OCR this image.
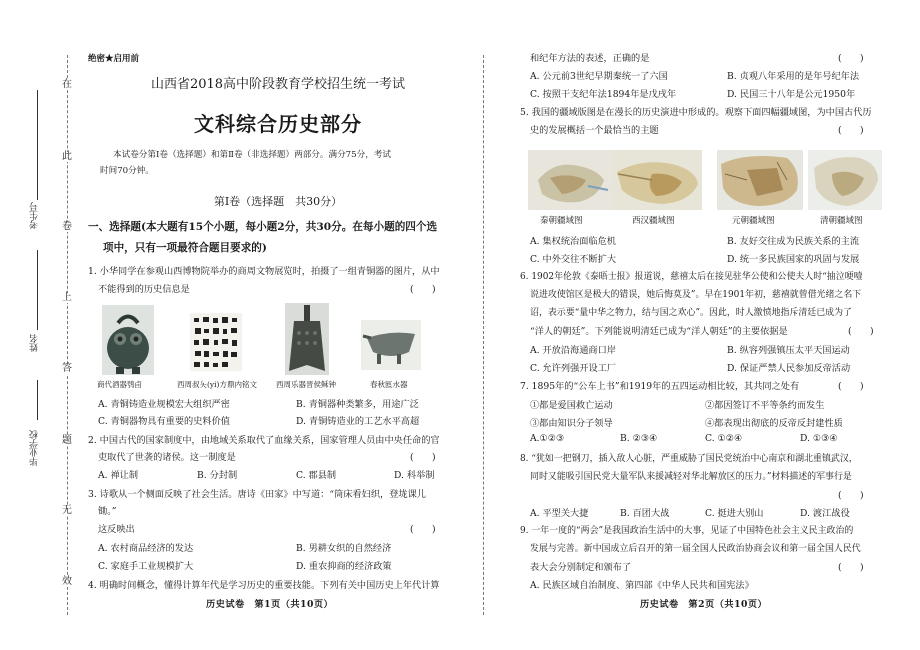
在
此
卷
上
答
题
无
效
考生号
姓名
毕业学校
绝密★启用前
山西省2018高中阶段教育学校招生统一考试
文科综合历史部分
本试卷分第Ⅰ卷（选择题）和第Ⅱ卷（非选择题）两部分。满分75分，考试
时间70分钟。
第Ⅰ卷（选择题　共30分）
一、选择题(本大题有15个小题，每小题2分，共30分。在每小题的四个选
项中，只有一项最符合题目要求的)
1. 小华同学在参观山西博物院举办的商周文物展览时，拍摄了一组青铜器的图片，从中
不能得到的历史信息是	(　　)
商代酒器鸮卣	西周叔夨(yi)方鼎内铭文	西周乐器晋侯稣钟	春秋匜水器
A. 青铜铸造业规模宏大组织严密	B. 青铜器种类繁多，用途广泛
C. 青铜器物具有重要的史料价值	D. 青铜铸造业的工艺水平高超
2. 中国古代的国家制度中，由地域关系取代了血缘关系，国家管理人员由中央任命的官
吏取代了世袭的诸侯。这一制度是	(　　)
A. 禅让制	B. 分封制	C. 郡县制	D. 科举制
3. 诗歌从一个侧面反映了社会生活。唐诗《田家》中写道：“筒床看妇织，登垅课儿
锄。”
这反映出	(　　)
A. 农村商品经济的发达	B. 男耕女织的自然经济
C. 家庭手工业规模扩大	D. 重农抑商的经济政策
4. 明确时间概念，懂得计算年代是学习历史的重要技能。下列有关中国历史上年代计算
历史试卷　第1页（共10页）
和纪年方法的表述，正确的是	(　　)
A. 公元前3世纪早期秦统一了六国	B. 贞观八年采用的是年号纪年法
C. 按照干支纪年法1894年是戊戌年	D. 民国三十八年是公元1950年
5. 我国的疆域版图是在漫长的历史演进中形成的。观察下面四幅疆域图，为中国古代历
史的发展概括一个最恰当的主题	(　　)
秦朝疆域图	西汉疆域图	元朝疆域图	清朝疆域图
A. 集权统治面临危机	B. 友好交往成为民族关系的主流
C. 中外交往不断扩大	D. 统一多民族国家的巩固与发展
6. 1902年伦敦《泰晤士报》报道说，慈禧太后在接见驻华公使和公使夫人时“抽泣哽噎
说进攻使馆区是极大的错误，她后悔莫及”。早在1901年初，慈禧就曾借光绪之名下
诏，表示要“量中华之物力，结与国之欢心”。因此，时人激愤地指斥清廷已成为了
“洋人的朝廷”。下列能说明清廷已成为“洋人朝廷”的主要依据是	(　　)
A. 开放沿海通商口岸	B. 纵容列强镇压太平天国运动
C. 允许列强开设工厂	D. 保证严禁人民参加反帝活动
7. 1895年的“公车上书”和1919年的五四运动相比较，其共同之处有	(　　)
①都是爱国救亡运动	②都因签订不平等条约而发生
③都由知识分子领导	④都表现出彻底的反帝反封建性质
A.①②③	B. ②③④	C. ①②④	D. ①③④
8. “犹如一把钢刀，插入敌人心脏，严重威胁了国民党统治中心南京和湖北重镇武汉，
同时又能吸引国民党大量军队来援减轻对华北解放区的压力。”材料描述的军事行是
(　　)
A. 平型关大捷	B. 百团大战	C. 挺进大别山	D. 渡江战役
9. 一年一度的“两会”是我国政治生活中的大事，见证了中国特色社会主义民主政治的
发展与完善。新中国成立后召开的第一届全国人民政治协商会议和第一届全国人民代
表大会分别制定和颁布了	(　　)
A. 民族区域自治制度、第四部《中华人民共和国宪法》
历史试卷　第2页（共10页）
